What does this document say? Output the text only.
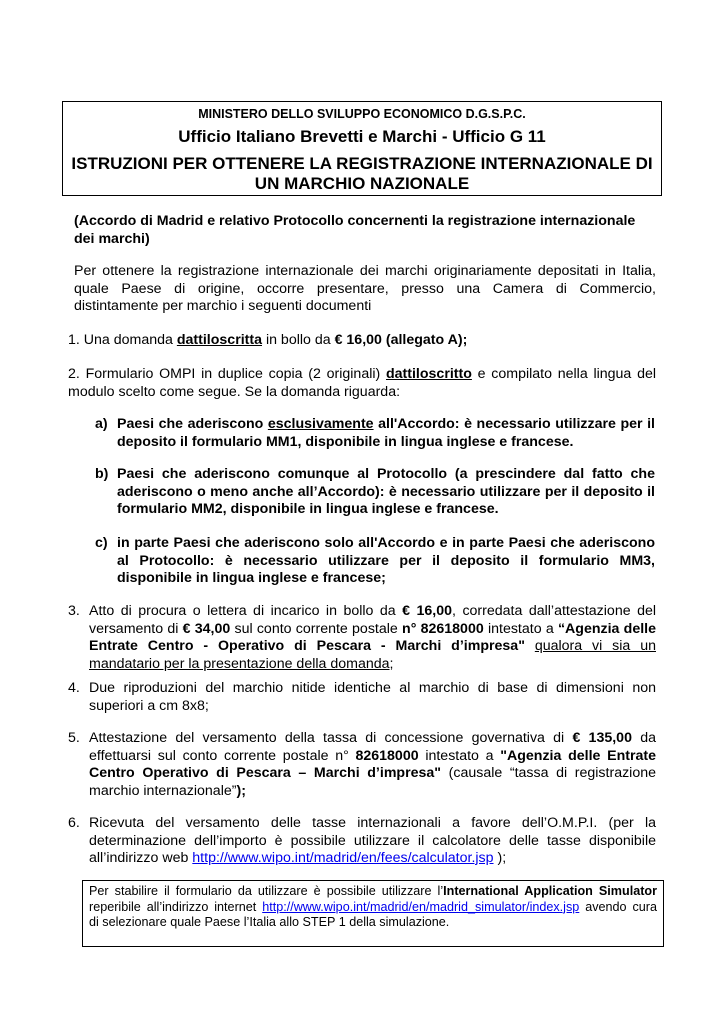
MINISTERO DELLO SVILUPPO ECONOMICO D.G.S.P.C.
Ufficio Italiano Brevetti e Marchi - Ufficio G 11
ISTRUZIONI PER OTTENERE LA REGISTRAZIONE INTERNAZIONALE DI
UN MARCHIO NAZIONALE
(Accordo di Madrid e relativo Protocollo concernenti la registrazione internazionale dei marchi)
Per ottenere la registrazione internazionale dei marchi originariamente depositati in Italia, quale Paese di origine, occorre presentare, presso una Camera di Commercio, distintamente per marchio i seguenti documenti
1. Una domanda dattiloscritta in bollo da € 16,00 (allegato A);
2. Formulario OMPI in duplice copia (2 originali) dattiloscritto e compilato nella lingua del modulo scelto come segue. Se la domanda riguarda:
a) Paesi che aderiscono esclusivamente all'Accordo: è necessario utilizzare per il deposito il formulario MM1, disponibile in lingua inglese e francese.
b) Paesi che aderiscono comunque al Protocollo (a prescindere dal fatto che aderiscono o meno anche all’Accordo): è necessario utilizzare per il deposito il formulario MM2, disponibile in lingua inglese e francese.
c) in parte Paesi che aderiscono solo all'Accordo e in parte Paesi che aderiscono al Protocollo: è necessario utilizzare per il deposito il formulario MM3, disponibile in lingua inglese e francese;
3. Atto di procura o lettera di incarico in bollo da € 16,00, corredata dall’attestazione del versamento di € 34,00 sul conto corrente postale n° 82618000 intestato a “Agenzia delle Entrate Centro - Operativo di Pescara - Marchi d’impresa" qualora vi sia un mandatario per la presentazione della domanda;
4. Due riproduzioni del marchio nitide identiche al marchio di base di dimensioni non superiori a cm 8x8;
5. Attestazione del versamento della tassa di concessione governativa di € 135,00 da effettuarsi sul conto corrente postale n° 82618000 intestato a "Agenzia delle Entrate Centro Operativo di Pescara – Marchi d’impresa" (causale “tassa di registrazione marchio internazionale”);
6. Ricevuta del versamento delle tasse internazionali a favore dell’O.M.P.I. (per la determinazione dell’importo è possibile utilizzare il calcolatore delle tasse disponibile all’indirizzo web http://www.wipo.int/madrid/en/fees/calculator.jsp );
Per stabilire il formulario da utilizzare è possibile utilizzare l’International Application Simulator reperibile all’indirizzo internet http://www.wipo.int/madrid/en/madrid_simulator/index.jsp avendo cura di selezionare quale Paese l’Italia allo STEP 1 della simulazione.
